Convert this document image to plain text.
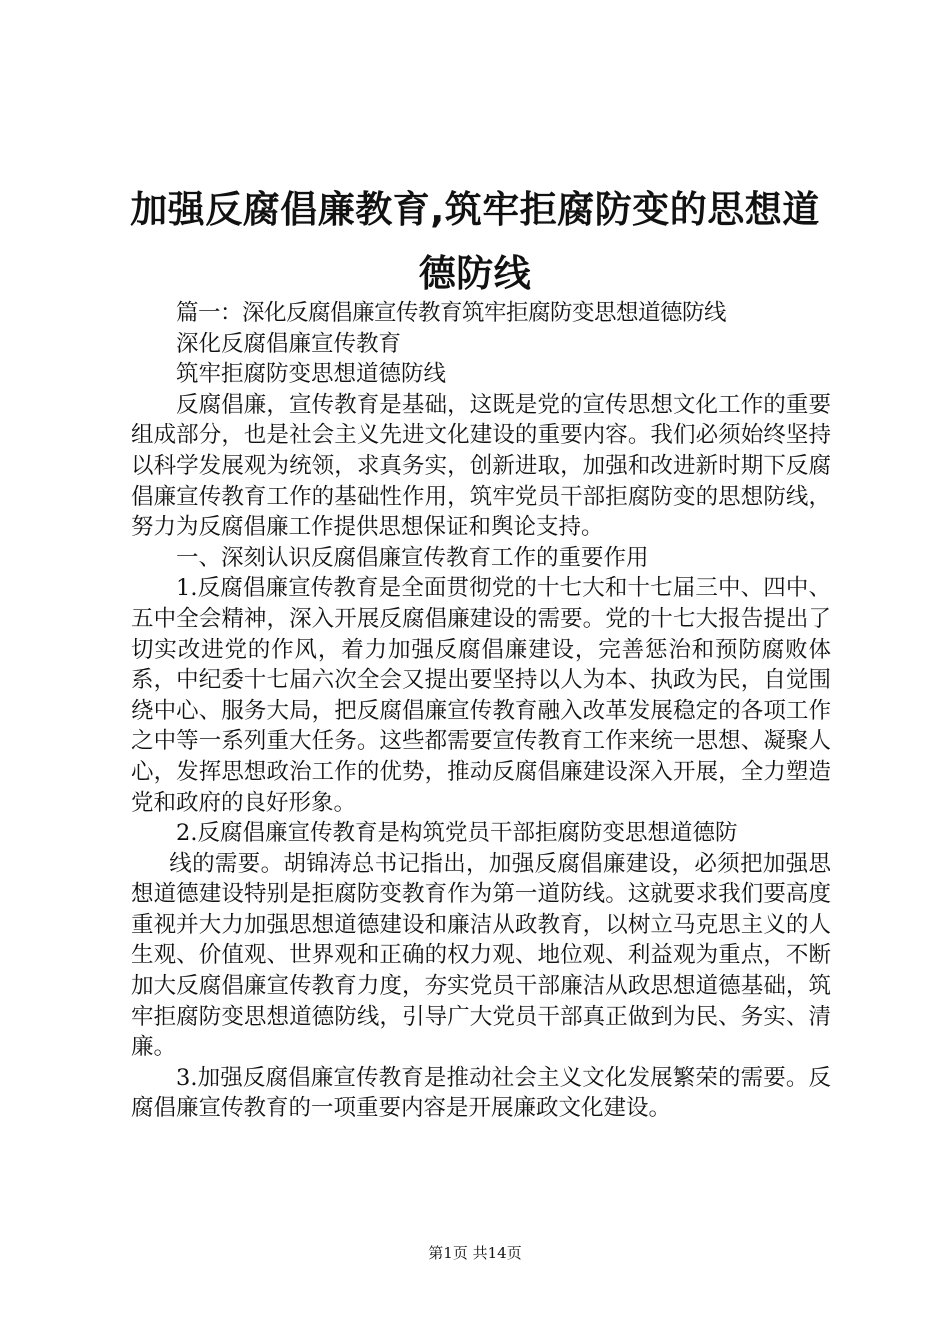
加强反腐倡廉教育,筑牢拒腐防变的思想道德防线

篇一：深化反腐倡廉宣传教育筑牢拒腐防变思想道德防线

深化反腐倡廉宣传教育

筑牢拒腐防变思想道德防线

反腐倡廉，宣传教育是基础，这既是党的宣传思想文化工作的重要组成部分，也是社会主义先进文化建设的重要内容。我们必须始终坚持以科学发展观为统领，求真务实，创新进取，加强和改进新时期下反腐倡廉宣传教育工作的基础性作用，筑牢党员干部拒腐防变的思想防线，努力为反腐倡廉工作提供思想保证和舆论支持。

一、深刻认识反腐倡廉宣传教育工作的重要作用

1.反腐倡廉宣传教育是全面贯彻党的十七大和十七届三中、四中、五中全会精神，深入开展反腐倡廉建设的需要。党的十七大报告提出了切实改进党的作风，着力加强反腐倡廉建设，完善惩治和预防腐败体系，中纪委十七届六次全会又提出要坚持以人为本、执政为民，自觉围绕中心、服务大局，把反腐倡廉宣传教育融入改革发展稳定的各项工作之中等一系列重大任务。这些都需要宣传教育工作来统一思想、凝聚人心，发挥思想政治工作的优势，推动反腐倡廉建设深入开展，全力塑造党和政府的良好形象。

2.反腐倡廉宣传教育是构筑党员干部拒腐防变思想道德防

线的需要。胡锦涛总书记指出，加强反腐倡廉建设，必须把加强思想道德建设特别是拒腐防变教育作为第一道防线。这就要求我们要高度重视并大力加强思想道德建设和廉洁从政教育，以树立马克思主义的人生观、价值观、世界观和正确的权力观、地位观、利益观为重点，不断加大反腐倡廉宣传教育力度，夯实党员干部廉洁从政思想道德基础，筑牢拒腐防变思想道德防线，引导广大党员干部真正做到为民、务实、清廉。

3.加强反腐倡廉宣传教育是推动社会主义文化发展繁荣的需要。反腐倡廉宣传教育的一项重要内容是开展廉政文化建设。

第1页 共14页
